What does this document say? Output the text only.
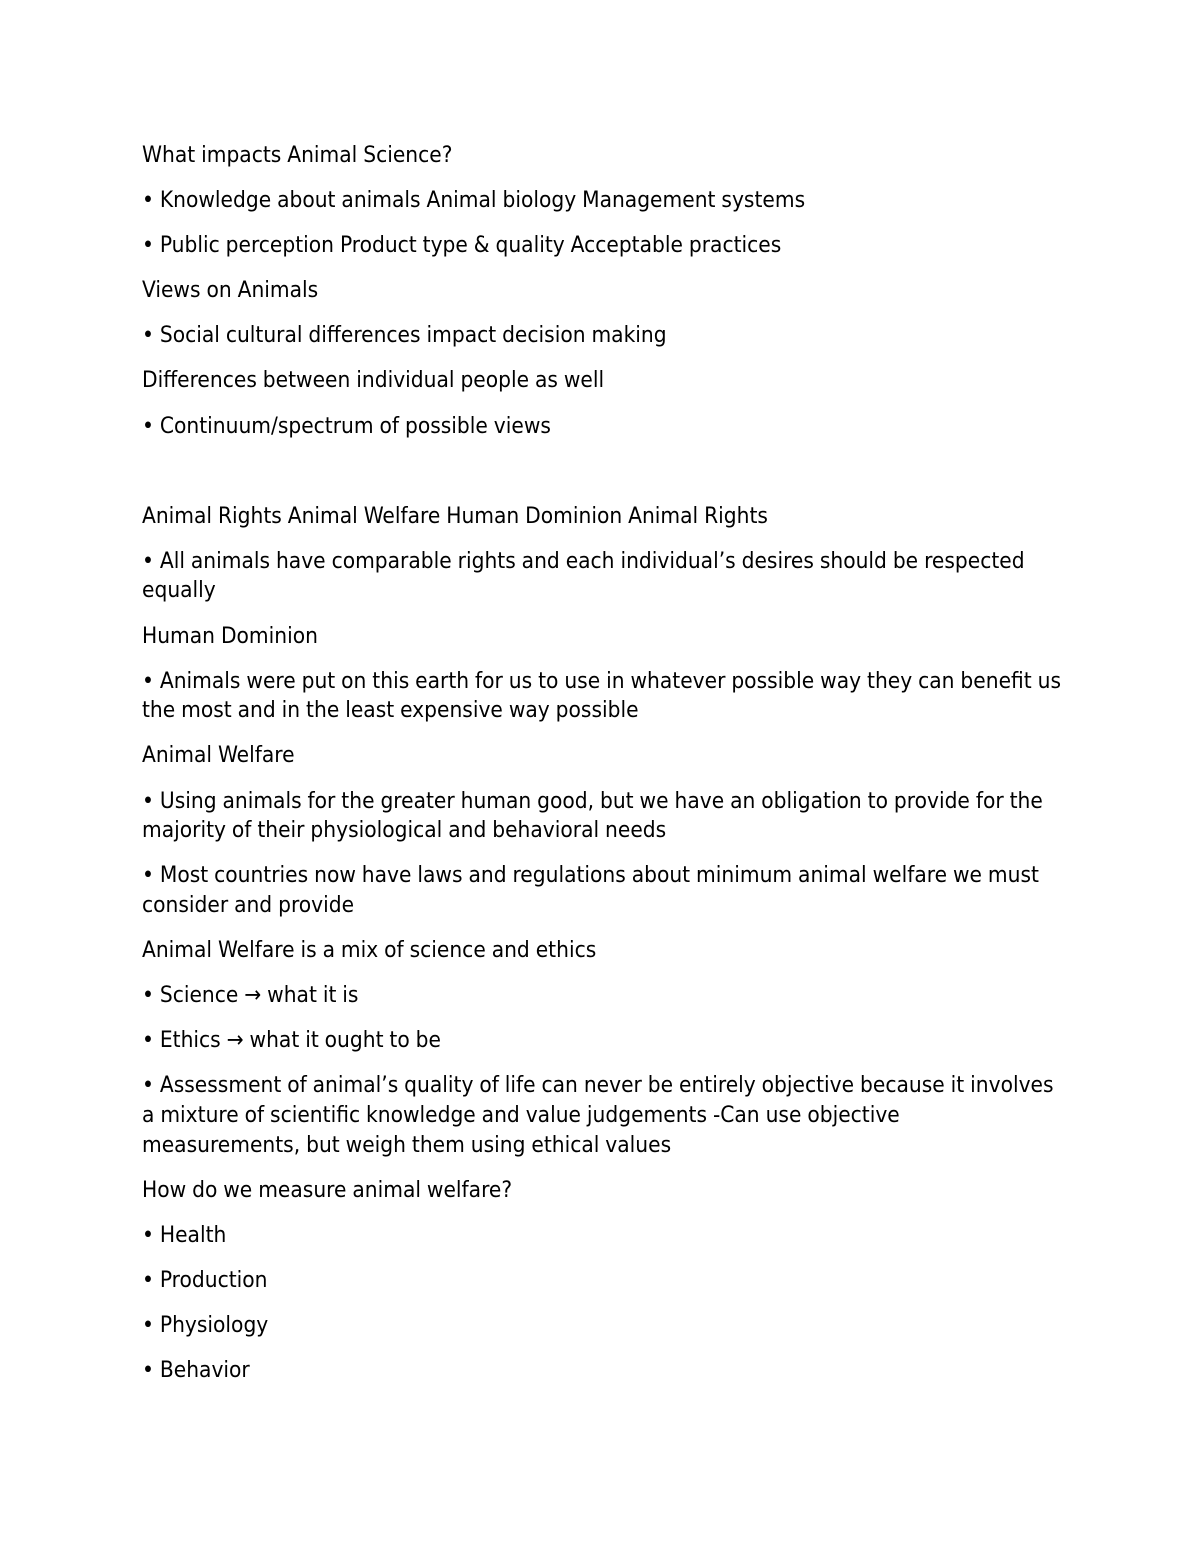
What impacts Animal Science?

• Knowledge about animals Animal biology Management systems

• Public perception Product type & quality Acceptable practices

Views on Animals

• Social cultural differences impact decision making

Differences between individual people as well

• Continuum/spectrum of possible views

Animal Rights Animal Welfare Human Dominion Animal Rights

• All animals have comparable rights and each individual’s desires should be respected equally

Human Dominion

• Animals were put on this earth for us to use in whatever possible way they can benefit us the most and in the least expensive way possible

Animal Welfare

• Using animals for the greater human good, but we have an obligation to provide for the majority of their physiological and behavioral needs

• Most countries now have laws and regulations about minimum animal welfare we must consider and provide

Animal Welfare is a mix of science and ethics

• Science → what it is

• Ethics → what it ought to be

• Assessment of animal’s quality of life can never be entirely objective because it involves a mixture of scientific knowledge and value judgements -Can use objective measurements, but weigh them using ethical values

How do we measure animal welfare?

• Health

• Production

• Physiology

• Behavior
